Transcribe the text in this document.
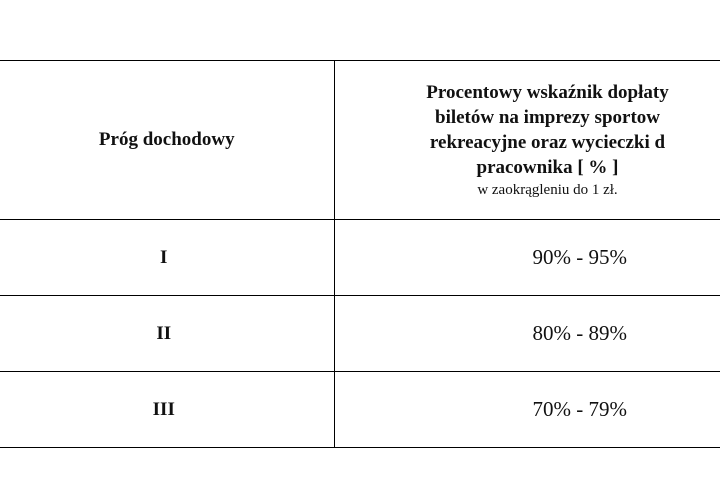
Próg dochodowy	Procentowy wskaźnik dopłaty
biletów na imprezy sportow
rekreacyjne oraz wycieczki d
pracownika [ % ]
w zaokrągleniu do 1 zł.

I	90% - 95%
II	80% - 89%
III	70% - 79%
